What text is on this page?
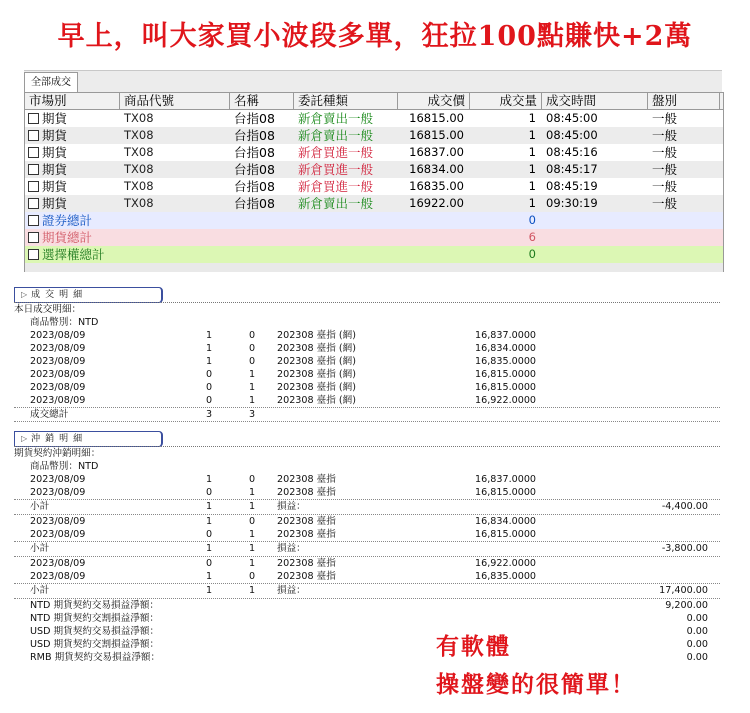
早上，叫大家買小波段多單，狂拉100點賺快+2萬
全部成交
市場別	商品代號	名稱	委託種類	成交價	成交量 成交時間	盤別
期貨	TX08	台指08	新倉賣出一般	16815.00	1 08:45:00	一般
期貨	TX08	台指08	新倉賣出一般	16815.00	1 08:45:00	一般
期貨	TX08	台指08	新倉買進一般	16837.00	1 08:45:16	一般
期貨	TX08	台指08	新倉買進一般	16834.00	1 08:45:17	一般
期貨	TX08	台指08	新倉買進一般	16835.00	1 08:45:19	一般
期貨	TX08	台指08	新倉賣出一般	16922.00	1 09:30:19	一般
證券總計	0
期貨總計	6
選擇權總計	0
▷ 成交明細
本日成交明細：
商品幣別：NTD
2023/08/09	1	0 202308 臺指 (網)	16,837.0000
2023/08/09	1	0 202308 臺指 (網)	16,834.0000
2023/08/09	1	0 202308 臺指 (網)	16,835.0000
2023/08/09	0	1 202308 臺指 (網)	16,815.0000
2023/08/09	0	1 202308 臺指 (網)	16,815.0000
2023/08/09	0	1 202308 臺指 (網)	16,922.0000
成交總計	3	3
▷ 沖銷明細
期貨契約沖銷明細：
商品幣別：NTD
2023/08/09	1	0 202308 臺指	16,837.0000
2023/08/09	0	1 202308 臺指	16,815.0000
小計	1	1 損益：	-4,400.00
2023/08/09	1	0 202308 臺指	16,834.0000
2023/08/09	0	1 202308 臺指	16,815.0000
小計	1	1 損益：	-3,800.00
2023/08/09	0	1 202308 臺指	16,922.0000
2023/08/09	1	0 202308 臺指	16,835.0000
小計	1	1 損益：	17,400.00
NTD 期貨契約交易損益淨額：	9,200.00
NTD 期貨契約交割損益淨額：	0.00
USD 期貨契約交易損益淨額：	0.00
USD 期貨契約交割損益淨額：	0.00
RMB 期貨契約交易損益淨額：	0.00
有軟體
操盤變的很簡單！
